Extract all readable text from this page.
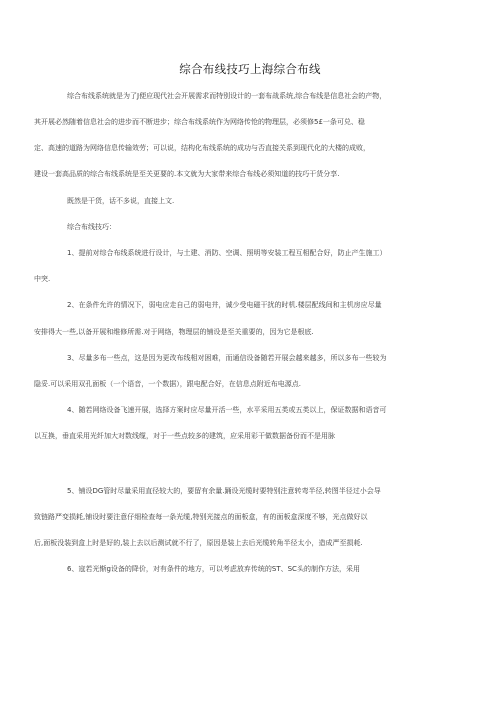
综合布线技巧上海综合布线
综合布线系统就是为了J便应现代社会开展需求而特别设计的一套布战系统,综合布线是信息社会的产物，
其开展必然随着信息社会的进步而不断进步；综合布线系统作为网络传怆的物理层，必须修5£一条可兑、稳
定、高速的道路为网络信息传输效劳；可以说，结构化布线系统的成功与否直接关系到现代化的大楼的成败，
建设一套高品质的综合布线系统是至关更要的.本文就为大家带来综合布线必须知道的技巧干货分享.
既然是干货，话不多说，直接上文.
综合布线技巧：
1、提前对综合布线系统进行设计，与土建、消防、空调、照明等安装工程互相配合好，防止产生施工）
中突.
2、在条件允许的情况下，弱电应走自己的弱电井，诚少受电磁干扰的时机.楼层配线间和主机房应尽量
安排得大一些,以备开展和维修所需.对于网络，物理层的铺设是至关重要的，因为它是根底.
3、尽量多布一些点，这是因为更改布线相对困难，而通信设备随若开展会越来越多，所以多布一些较为
隐妥.可以采用双孔面板（一个语音，一个数据），跟电配合好，在信息点附近布电源点.
4、随若网络设备飞速开展，选择方案时应尽量开活一些，水平采用五类或五类以上，保证数据和语音可
以互换，垂直采用光纤加大对数线缆，对于一些点较多的建筑，应采用彩干做数据备份而不是用脉
5、铺设DG管时尽量采用直径较大的，要留有余量.踊设光缆时要特别注意转弯半径,转图半径过小会导
致链路严变损耗,铺设时要注意仔细检查每一条光缆,特别光接点的面板盒，有的面板盒深度不够，光点做好以
后,面板没装到盒上时是好的,装上去以后测试就不行了，原因是装上去后光缆转角半径太小，造成严至损耗.
6、寇若光惭g设备的降价，对有条件的地方，可以考虑放弃传统的ST、SC头的制作方法，采用
